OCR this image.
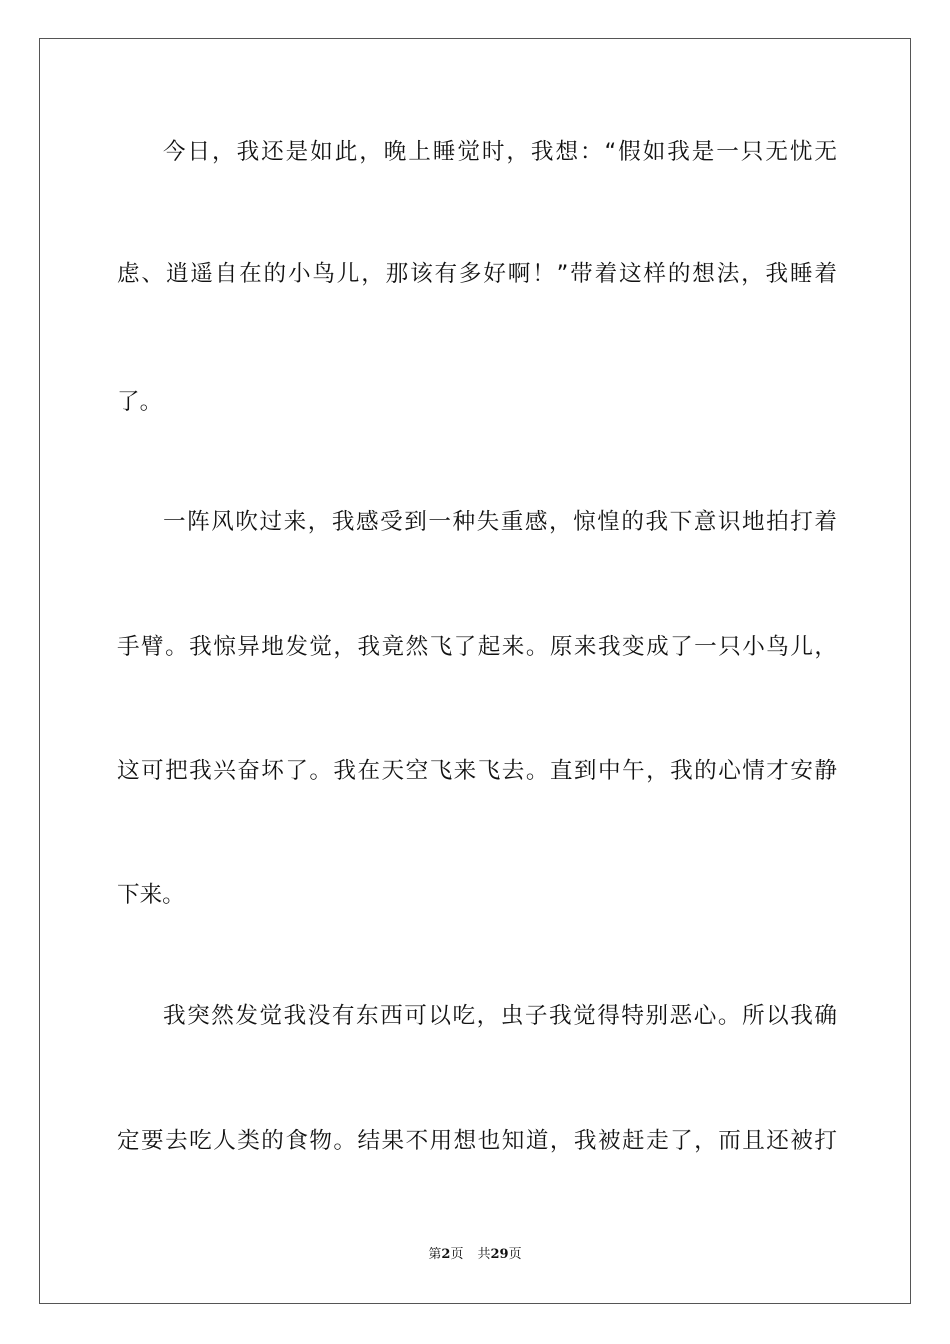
今日，我还是如此，晚上睡觉时，我想：“假如我是一只无忧无
虑、逍遥自在的小鸟儿，那该有多好啊！”带着这样的想法，我睡着
了。
一阵风吹过来，我感受到一种失重感，惊惶的我下意识地拍打着
手臂。我惊异地发觉，我竟然飞了起来。原来我变成了一只小鸟儿，
这可把我兴奋坏了。我在天空飞来飞去。直到中午，我的心情才安静
下来。
我突然发觉我没有东西可以吃，虫子我觉得特别恶心。所以我确
定要去吃人类的食物。结果不用想也知道，我被赶走了，而且还被打
第2页 共29页
